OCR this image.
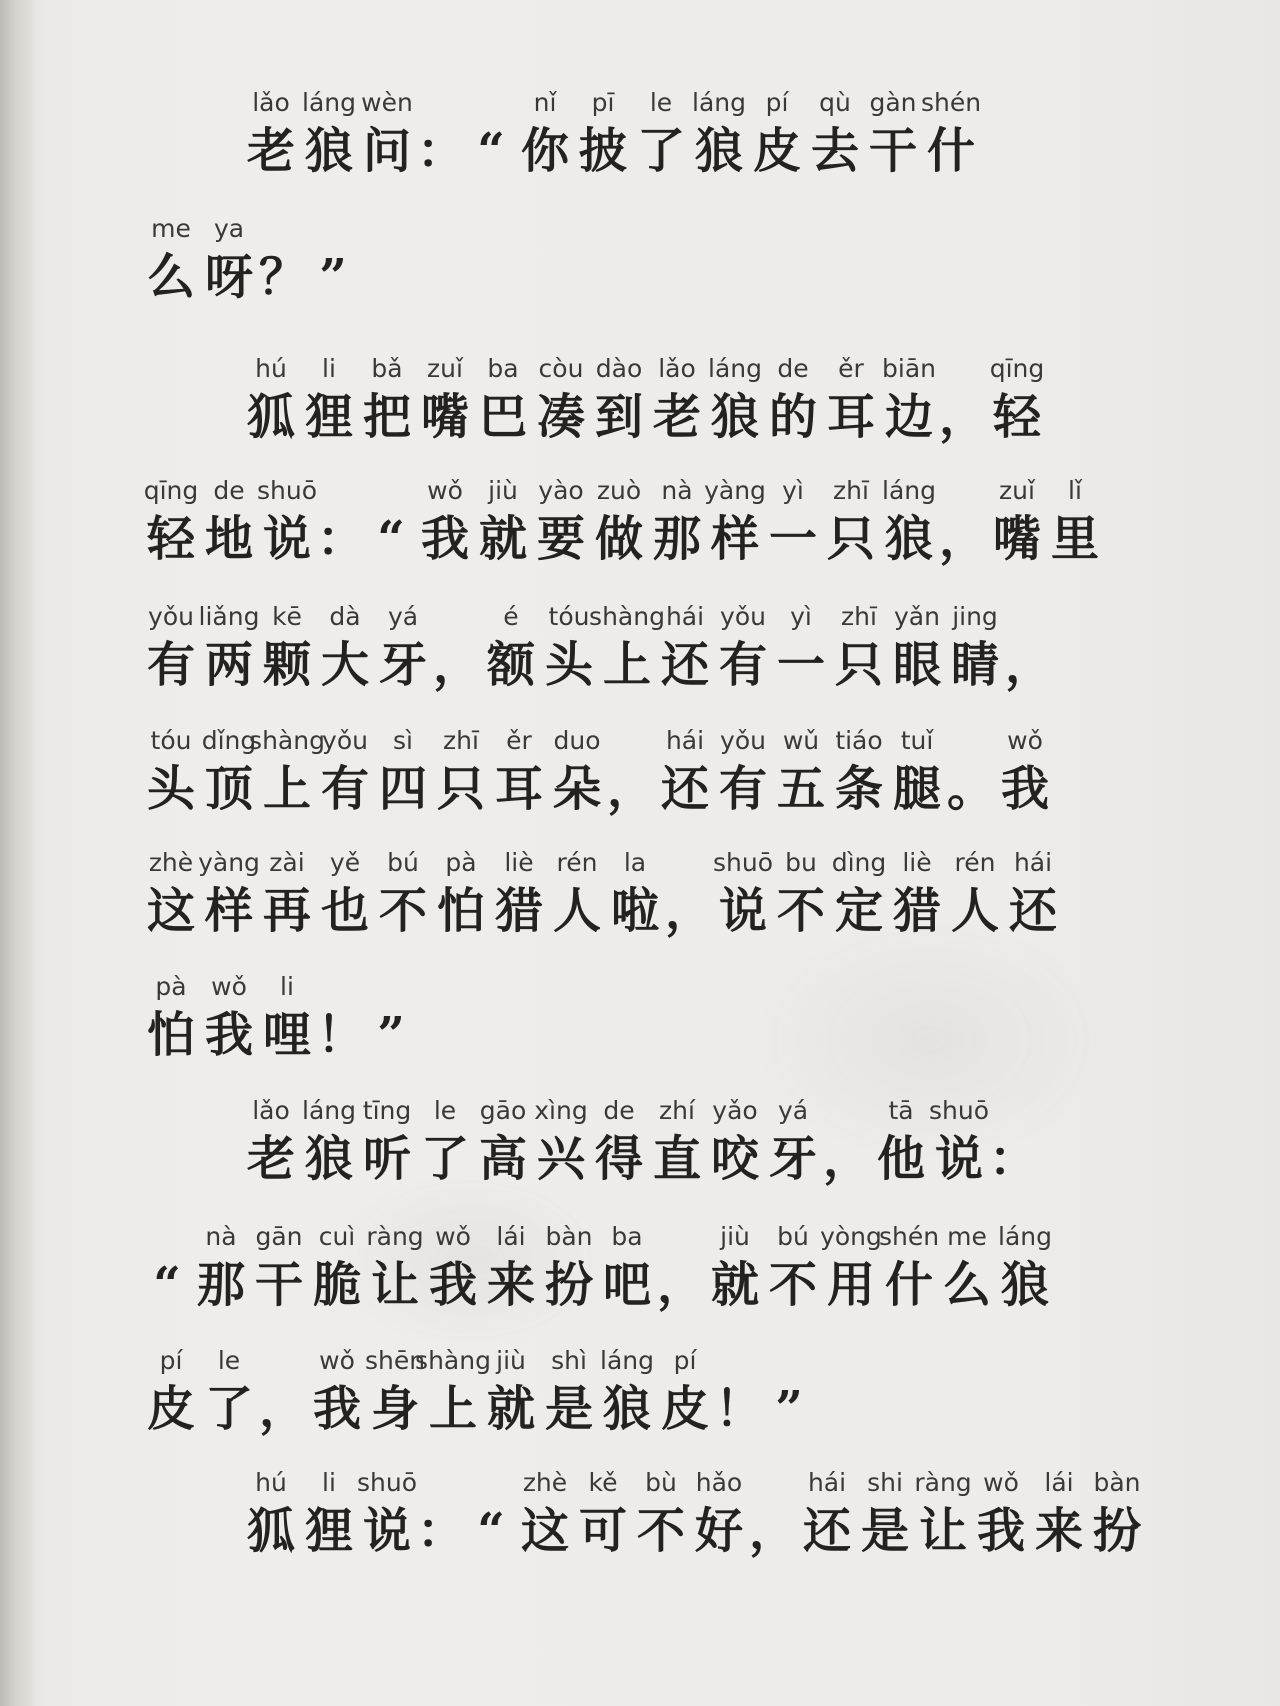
lǎo
老
láng
狼
wèn
问 ： “
nǐ
你
pī
披
le
了
láng
狼
pí
皮
qù
去
gàn
干
shén
什
me
么
ya
呀 ？ ”
hú
狐
li
狸
bǎ
把
zuǐ
嘴
ba
巴
còu
凑
dào
到
lǎo
老
láng
狼
de
的
ěr
耳
biān
边 ，
qīng
轻
qīng
轻
de
地
shuō
说 ： “
wǒ
我
jiù
就
yào
要
zuò
做
nà
那
yàng
样
yì
一
zhī
只
láng
狼 ，
zuǐ
嘴
lǐ
里
yǒu
有
liǎng
两
kē
颗
dà
大
yá
牙 ，
é
额
tóu
头
shàng
上
hái
还
yǒu
有
yì
一
zhī
只
yǎn
眼
jing
睛 ，
tóu
头
dǐng
顶
shàng
上
yǒu
有
sì
四
zhī
只
ěr
耳
duo
朵 ，
hái
还
yǒu
有
wǔ
五
tiáo
条
tuǐ
腿 。
wǒ
我
zhè
这
yàng
样
zài
再
yě
也
bú
不
pà
怕
liè
猎
rén
人
la
啦 ，
shuō
说
bu
不
dìng
定
liè
猎
rén
人
hái
还
pà
怕
wǒ
我
li
哩 ！ ”
lǎo
老
láng
狼
tīng
听
le
了
gāo
高
xìng
兴
de
得
zhí
直
yǎo
咬
yá
牙 ，
tā
他
shuō
说 ：
“
nà
那
gān
干
cuì
脆
ràng
让
wǒ
我
lái
来
bàn
扮
ba
吧 ，
jiù
就
bú
不
yòng
用
shén
什
me
么
láng
狼
pí
皮
le
了 ，
wǒ
我
shēn
身
shàng
上
jiù
就
shì
是
láng
狼
pí
皮 ！ ”
hú
狐
li
狸
shuō
说 ： “
zhè
这
kě
可
bù
不
hǎo
好 ，
hái
还
shi
是
ràng
让
wǒ
我
lái
来
bàn
扮
